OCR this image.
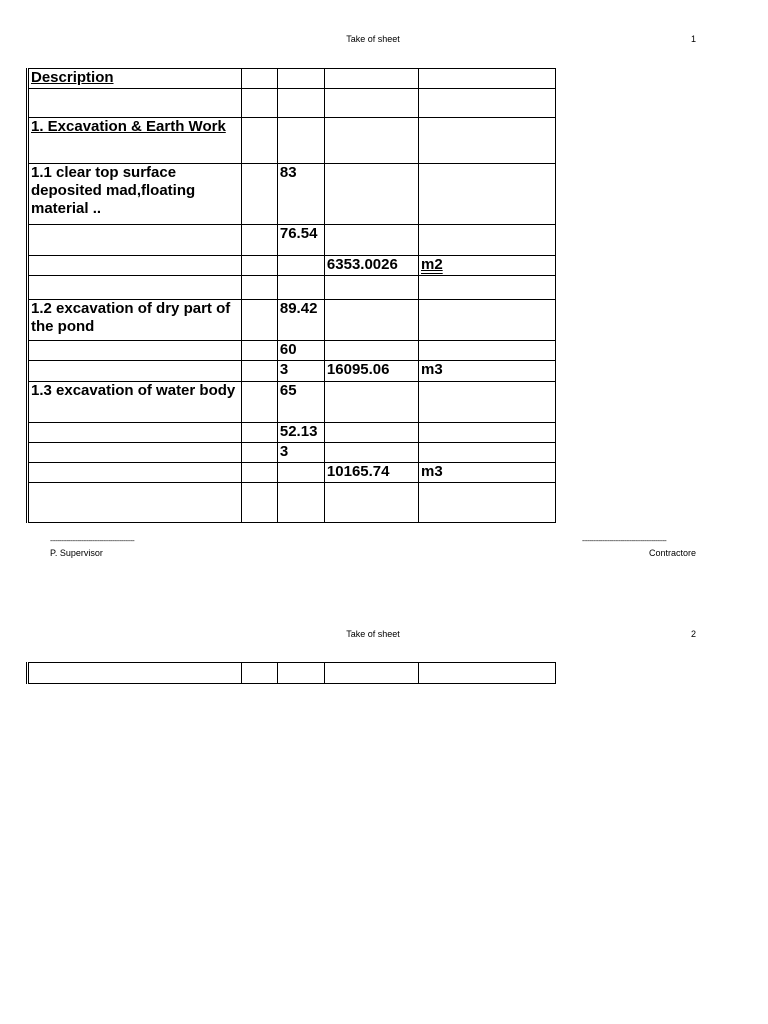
Take of sheet	1
Description				

1. Excavation & Earth Work				
1.1 clear top surface deposited mad,floating material ..		83		
		76.54		
			6353.0026	m2

1.2 excavation of dry part of the pond		89.42		
		60		
		3	16095.06	m3
1.3 excavation of water body		65		
		52.13		
		3		
			10165.74	m3

----------------------------------------------
P. Supervisor
----------------------------------------------
Contractore
Take of sheet	2
